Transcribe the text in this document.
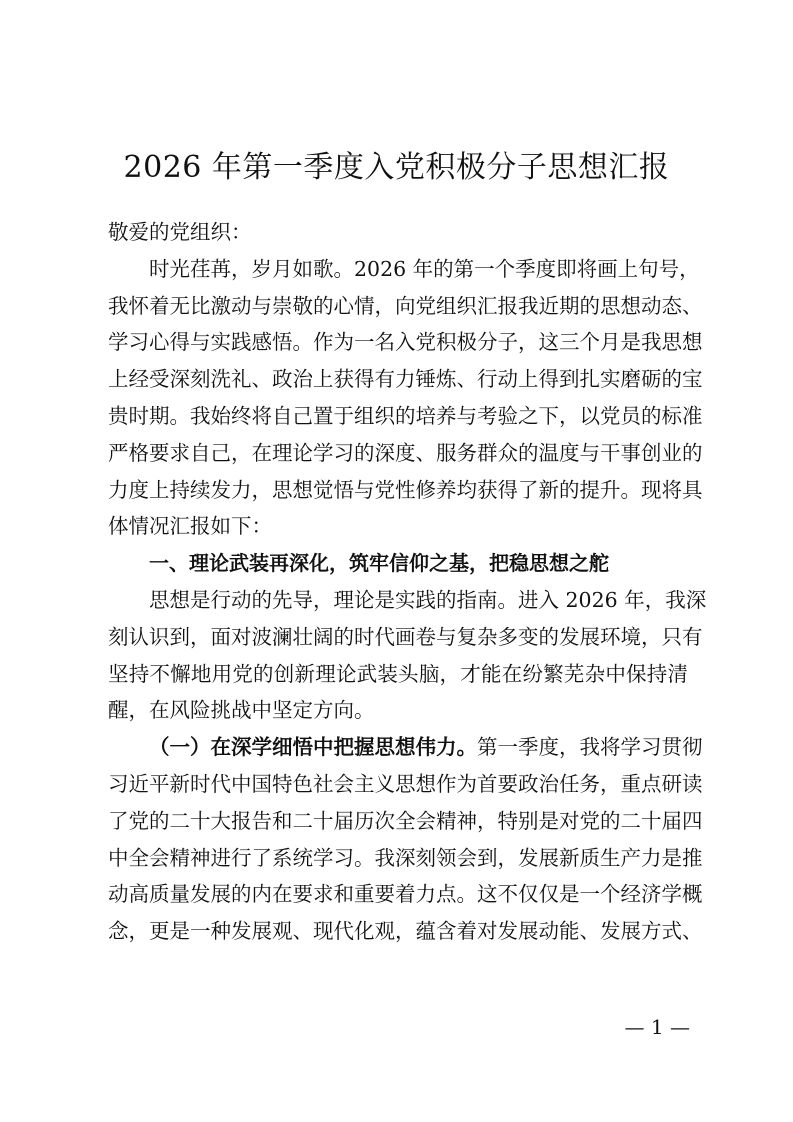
2026 年第一季度入党积极分子思想汇报
敬爱的党组织：
时光荏苒，岁月如歌。2026 年的第一个季度即将画上句号，
我怀着无比激动与崇敬的心情，向党组织汇报我近期的思想动态、
学习心得与实践感悟。作为一名入党积极分子，这三个月是我思想
上经受深刻洗礼、政治上获得有力锤炼、行动上得到扎实磨砺的宝
贵时期。我始终将自己置于组织的培养与考验之下，以党员的标准
严格要求自己，在理论学习的深度、服务群众的温度与干事创业的
力度上持续发力，思想觉悟与党性修养均获得了新的提升。现将具
体情况汇报如下：
一、理论武装再深化，筑牢信仰之基，把稳思想之舵
思想是行动的先导，理论是实践的指南。进入 2026 年，我深
刻认识到，面对波澜壮阔的时代画卷与复杂多变的发展环境，只有
坚持不懈地用党的创新理论武装头脑，才能在纷繁芜杂中保持清
醒，在风险挑战中坚定方向。
（一）在深学细悟中把握思想伟力。第一季度，我将学习贯彻
习近平新时代中国特色社会主义思想作为首要政治任务，重点研读
了党的二十大报告和二十届历次全会精神，特别是对党的二十届四
中全会精神进行了系统学习。我深刻领会到，发展新质生产力是推
动高质量发展的内在要求和重要着力点。这不仅仅是一个经济学概
念，更是一种发展观、现代化观，蕴含着对发展动能、发展方式、
— 1 —
